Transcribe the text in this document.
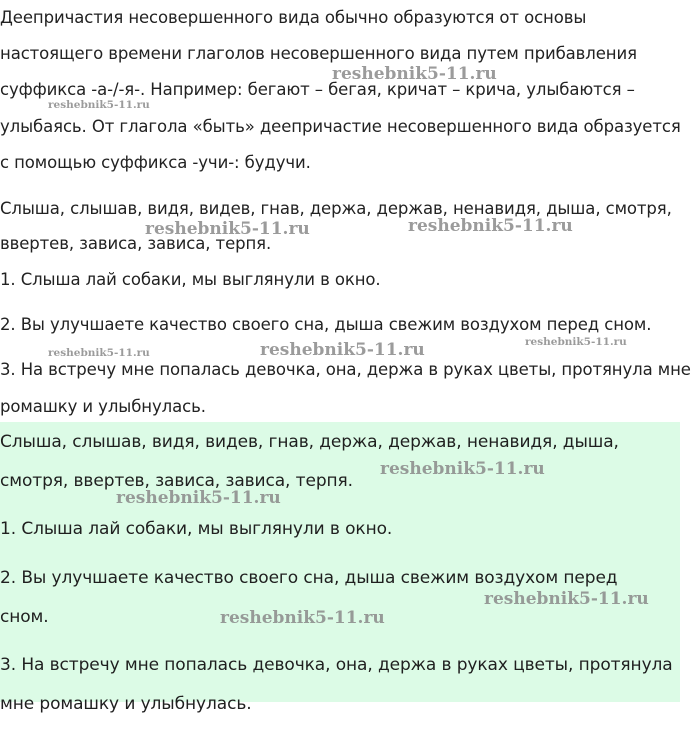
Деепричастия несовершенного вида обычно образуются от основы
настоящего времени глаголов несовершенного вида путем прибавления
суффикса -а-/-я-. Например: бегают – бегая, кричат – крича, улыбаются –
улыбаясь. От глагола «быть» деепричастие несовершенного вида образуется
с помощью суффикса -учи-: будучи.
Слыша, слышав, видя, видев, гнав, держа, держав, ненавидя, дыша, смотря,
ввертев, зависа, зависа, терпя.
1. Слыша лай собаки, мы выглянули в окно.
2. Вы улучшаете качество своего сна, дыша свежим воздухом перед сном.
3. На встречу мне попалась девочка, она, держа в руках цветы, протянула мне
ромашку и улыбнулась.
Слыша, слышав, видя, видев, гнав, держа, держав, ненавидя, дыша,
смотря, ввертев, зависа, зависа, терпя.
1. Слыша лай собаки, мы выглянули в окно.
2. Вы улучшаете качество своего сна, дыша свежим воздухом перед
сном.
3. На встречу мне попалась девочка, она, держа в руках цветы, протянула
мне ромашку и улыбнулась.
reshebnik5-11.ru
reshebnik5-11.ru
reshebnik5-11.ru	reshebnik5-11.ru
reshebnik5-11.ru	reshebnik5-11.ru	reshebnik5-11.ru
reshebnik5-11.ru
reshebnik5-11.ru
reshebnik5-11.ru
reshebnik5-11.ru
